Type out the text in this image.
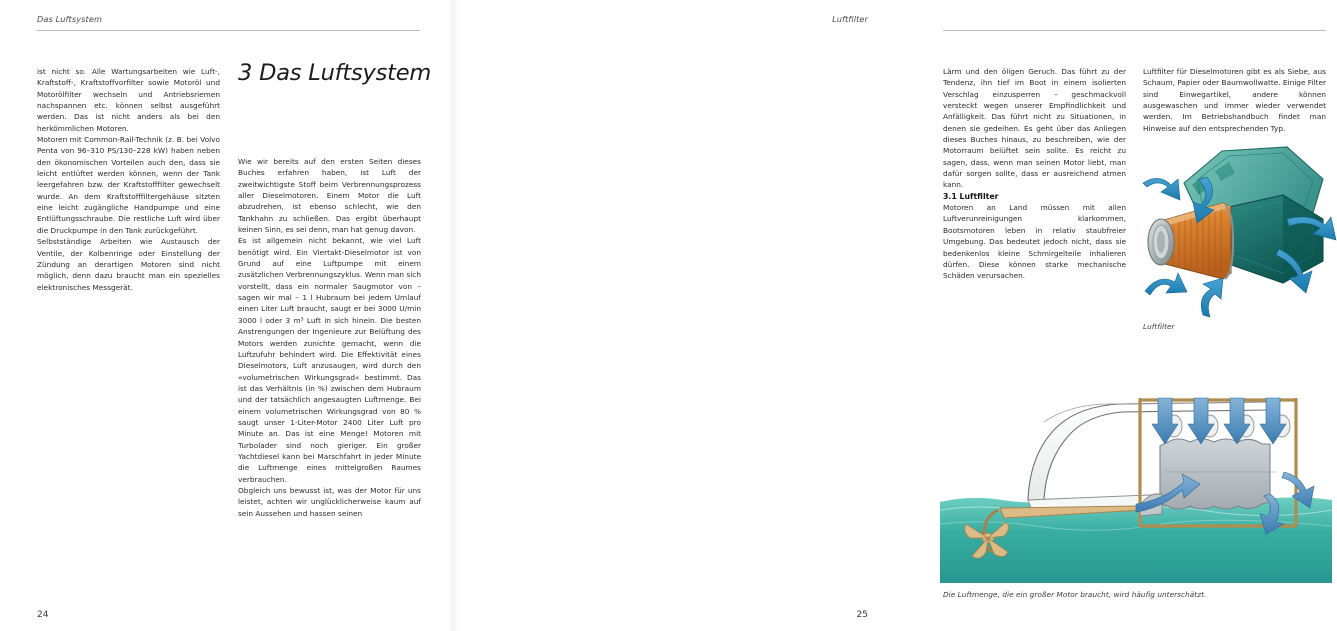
Das Luftsystem

ist nicht so. Alle Wartungsarbeiten wie Luft-, Kraftstoff-, Kraftstoffvorfilter sowie Motoröl und Motorölfilter wechseln und Antriebsriemen nachspannen etc. können selbst ausgeführt werden. Das ist nicht anders als bei den herkömmlichen Motoren.

Motoren mit Common-Rail-Technik (z. B. bei Volvo Penta von 96–310 PS/130–228 kW) haben neben den ökonomischen Vorteilen auch den, dass sie leicht entlüftet werden können, wenn der Tank leergefahren bzw. der Kraftstofffilter gewechselt wurde. An dem Kraftstofffiltergehäuse sitzten eine leicht zugängliche Handpumpe und eine Entlüftungsschraube. Die restliche Luft wird über die Druckpumpe in den Tank zurückgeführt.

Selbstständige Arbeiten wie Austausch der Ventile, der Kolbenringe oder Einstellung der Zündung an derartigen Motoren sind nicht möglich, denn dazu braucht man ein spezielles elektronisches Messgerät.

3 Das Luftsystem

Wie wir bereits auf den ersten Seiten dieses Buches erfahren haben, ist Luft der zweitwichtigste Stoff beim Verbrennungsprozess aller Dieselmotoren. Einem Motor die Luft abzudrehen, ist ebenso schlecht, wie den Tankhahn zu schließen. Das ergibt überhaupt keinen Sinn, es sei denn, man hat genug davon.

Es ist allgemein nicht bekannt, wie viel Luft benötigt wird. Ein Viertakt-Dieselmotor ist von Grund auf eine Luftpumpe mit einem zusätzlichen Verbrennungszyklus. Wenn man sich vorstellt, dass ein normaler Saugmotor von – sagen wir mal – 1 l Hubraum bei jedem Umlauf einen Liter Luft braucht, saugt er bei 3000 U/min 3000 l oder 3 m³ Luft in sich hinein. Die besten Anstrengungen der Ingenieure zur Belüftung des Motors werden zunichte gemacht, wenn die Luftzufuhr behindert wird. Die Effektivität eines Dieselmotors, Luft anzusaugen, wird durch den »volumetrischen Wirkungsgrad« bestimmt. Das ist das Verhältnis (in %) zwischen dem Hubraum und der tatsächlich angesaugten Luftmenge. Bei einem volumetrischen Wirkungsgrad von 80 % saugt unser 1-Liter-Motor 2400 Liter Luft pro Minute an. Das ist eine Menge! Motoren mit Turbolader sind noch gieriger. Ein großer Yachtdiesel kann bei Marschfahrt in jeder Minute die Luftmenge eines mittelgroßen Raumes verbrauchen.

Obgleich uns bewusst ist, was der Motor für uns leistet, achten wir unglücklicherweise kaum auf sein Aussehen und hassen seinen

24
Luftfilter

Lärm und den öligen Geruch. Das führt zu der Tendenz, ihn tief im Boot in einem isolierten Verschlag einzusperren – geschmackvoll versteckt wegen unserer Empfindlichkeit und Anfälligkeit. Das führt nicht zu Situationen, in denen sie gedeihen. Es geht über das Anliegen dieses Buches hinaus, zu beschreiben, wie der Motorraum belüftet sein sollte. Es reicht zu sagen, dass, wenn man seinen Motor liebt, man dafür sorgen sollte, dass er ausreichend atmen kann.

3.1 Luftfilter

Motoren an Land müssen mit allen Luftverunreinigungen klarkommen, Bootsmotoren leben in relativ staubfreier Umgebung. Das bedeutet jedoch nicht, dass sie bedenkenlos kleine Schmirgelteile inhalieren dürfen. Diese können starke mechanische Schäden verursachen.

Luftfilter für Dieselmotoren gibt es als Siebe, aus Schaum, Papier oder Baumwollwatte. Einige Filter sind Einwegartikel, andere können ausgewaschen und immer wieder verwendet werden. Im Betriebshandbuch findet man Hinweise auf den entsprechenden Typ.

Luftfilter
Die Luftmenge, die ein großer Motor braucht, wird häufig unterschätzt.
25
